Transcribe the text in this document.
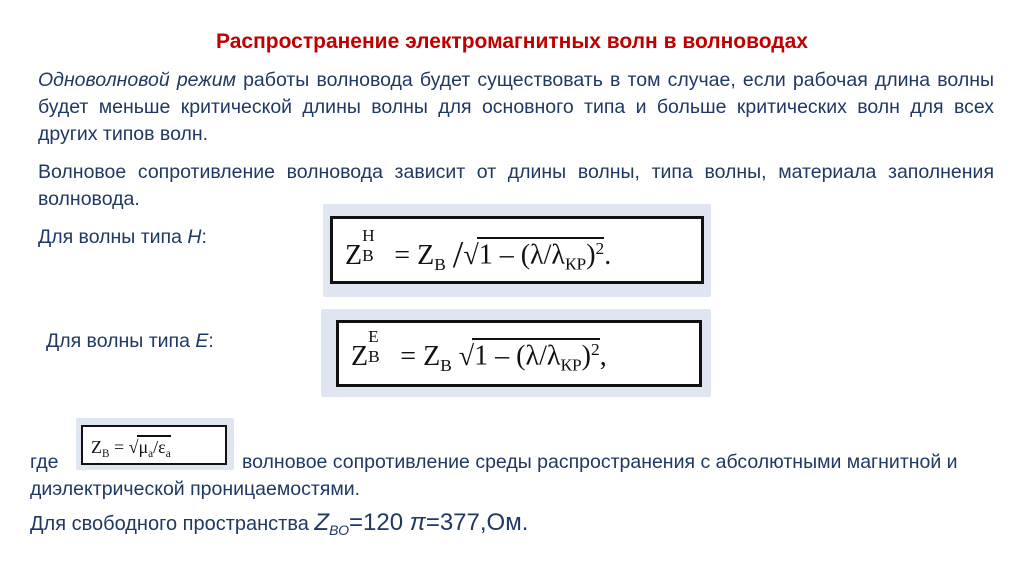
Распространение электромагнитных волн в волноводах
Одноволновой режим работы волновода будет существовать в том случае, если рабочая длина волны будет меньше критической длины волны для основного типа и больше критических волн для всех других типов волн.
Волновое сопротивление волновода зависит от длины волны, типа волны, материала заполнения волновода.
Для волны типа Н:
Z
H
$B = Z_B$ $/√1 - (\lambda/\lambda_{КР})^2$.
Для волны типа Е:	Z
E
$B = Z_B$ $√1 - (\lambda/\lambda_{КР})^2$,
где
$Z_B = √\mu_a/\varepsilon_a$	волновое сопротивление среды распространения с абсолютными магнитной и диэлектрической проницаемостями.
Для свободного пространства $Z_{ВО}=120$ π=377,Ом.
